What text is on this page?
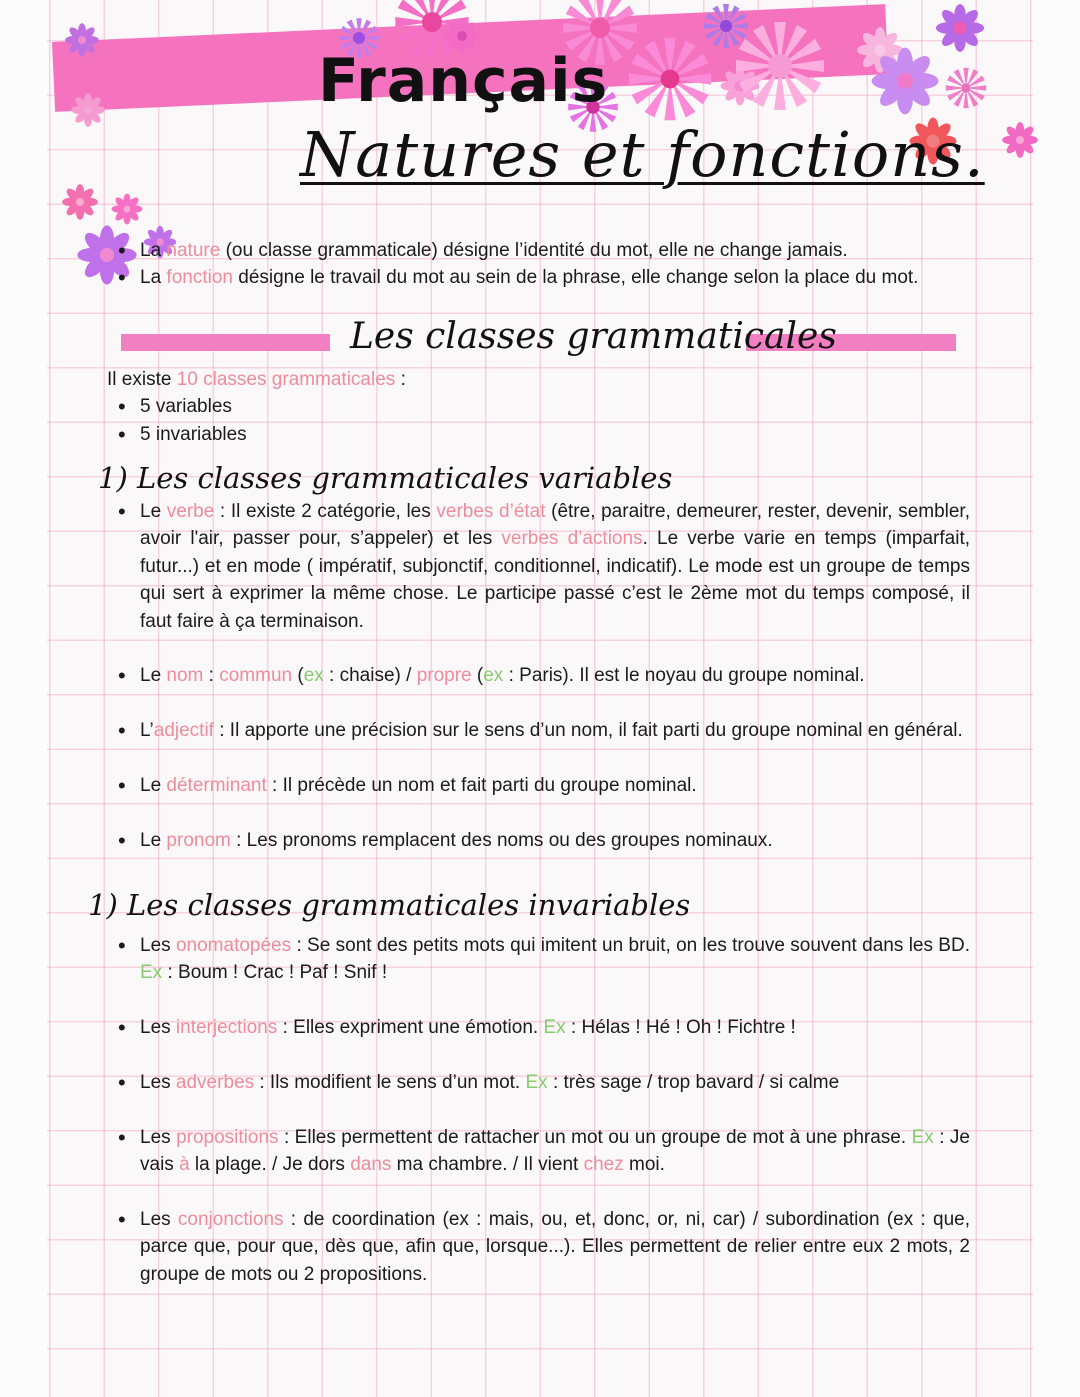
Français
Natures et fonctions.
• La nature (ou classe grammaticale) désigne l’identité du mot, elle ne change jamais.
• La fonction désigne le travail du mot au sein de la phrase, elle change selon la place du mot.
Les classes grammaticales
Il existe 10 classes grammaticales :
• 5 variables
• 5 invariables
1) Les classes grammaticales variables
• Le verbe : Il existe 2 catégorie, les verbes d’état (être, paraitre, demeurer, rester, devenir, sembler, avoir l'air, passer pour, s’appeler) et les verbes d’actions. Le verbe varie en temps (imparfait, futur...) et en mode ( impératif, subjonctif, conditionnel, indicatif). Le mode est un groupe de temps qui sert à exprimer la même chose. Le participe passé c’est le 2ème mot du temps composé, il faut faire à ça terminaison.
• Le nom : commun (ex : chaise) / propre (ex : Paris). Il est le noyau du groupe nominal.
• L’adjectif : Il apporte une précision sur le sens d’un nom, il fait parti du groupe nominal en général.
• Le déterminant : Il précède un nom et fait parti du groupe nominal.
• Le pronom : Les pronoms remplacent des noms ou des groupes nominaux.
1) Les classes grammaticales invariables
• Les onomatopées : Se sont des petits mots qui imitent un bruit, on les trouve souvent dans les BD. Ex : Boum ! Crac ! Paf ! Snif !
• Les interjections : Elles expriment une émotion. Ex : Hélas ! Hé ! Oh ! Fichtre !
• Les adverbes : Ils modifient le sens d’un mot. Ex : très sage / trop bavard / si calme
• Les propositions : Elles permettent de rattacher un mot ou un groupe de mot à une phrase. Ex : Je vais à la plage. / Je dors dans ma chambre. / Il vient chez moi.
• Les conjonctions : de coordination (ex : mais, ou, et, donc, or, ni, car) / subordination (ex : que, parce que, pour que, dès que, afin que, lorsque...). Elles permettent de relier entre eux 2 mots, 2 groupe de mots ou 2 propositions.
